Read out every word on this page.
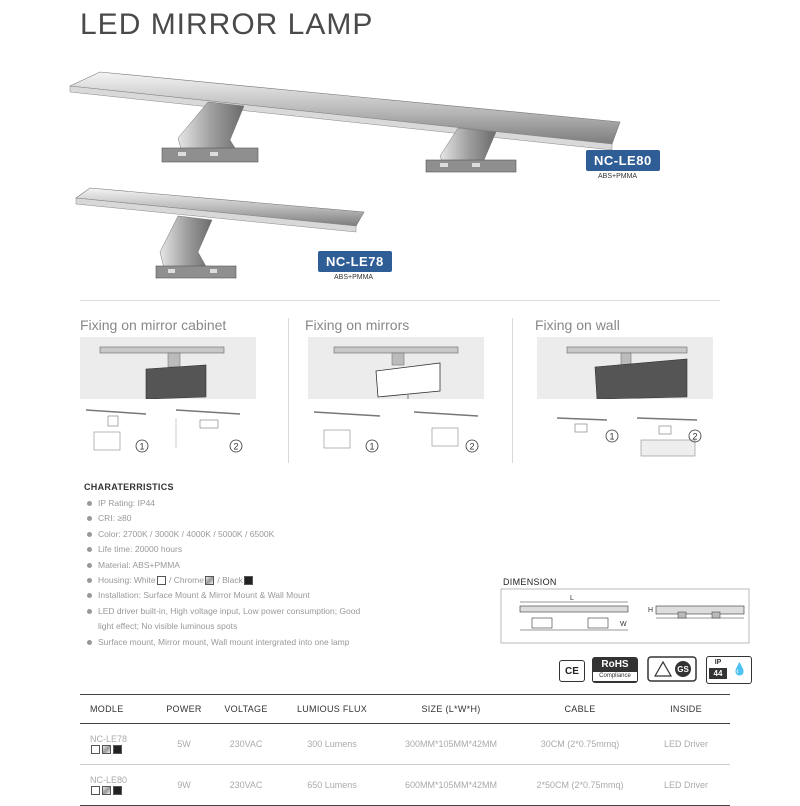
LED MIRROR LAMP
NC-LE80
ABS+PMMA
NC-LE78
ABS+PMMA
Fixing on mirror cabinet	Fixing on mirrors	Fixing on wall
1	2	1	2
1	2
CHARATERRISTICS
IP Rating: IP44
CRI: ≥80
Color: 2700K / 3000K / 4000K / 5000K / 6500K
Life time: 20000 hours
Material: ABS+PMMA
Housing: White / Chrome / Black
Installation: Surface Mount & Mirror Mount & Wall Mount
LED driver built-in, High voltage input, Low power consumption; Good light effect; No visible luminous spots
Surface mount, Mirror mount, Wall mount intergrated into one lamp
DIMENSION
L
W
H
CE
RoHS
Compliance
GS
IP
44 💧
MODLE	POWER	VOLTAGE	LUMIOUS FLUX	SIZE (L*W*H)	CABLE	INSIDE

NC-LE78	5W	230VAC	300 Lumens	300MM*105MM*42MM	30CM (2*0.75mmq)	LED Driver

NC-LE80	9W	230VAC	650 Lumens	600MM*105MM*42MM	2*50CM (2*0.75mmq)	LED Driver
